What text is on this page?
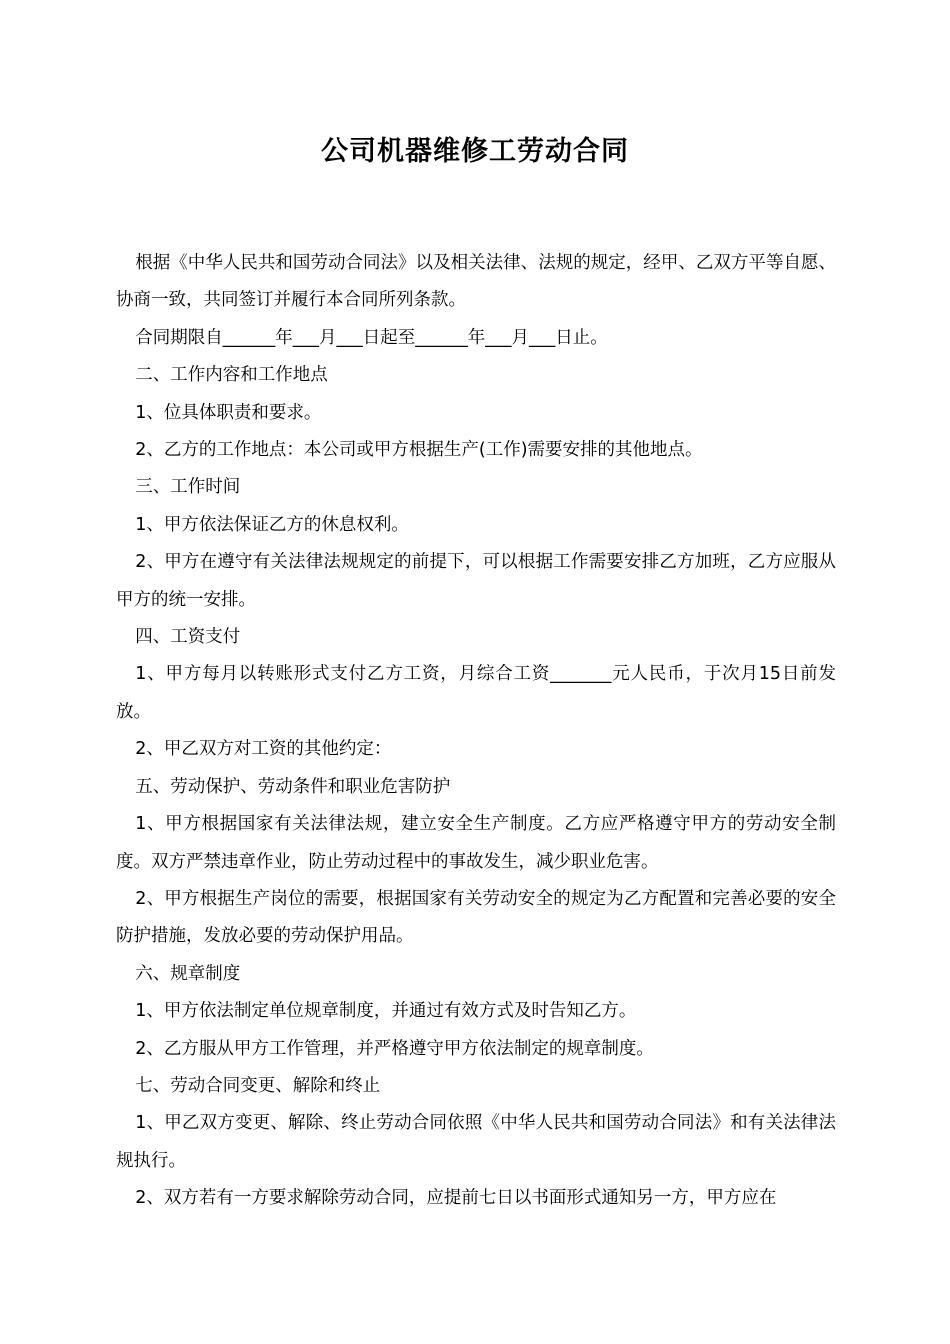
公司机器维修工劳动合同

根据《中华人民共和国劳动合同法》以及相关法律、法规的规定，经甲、乙双方平等自愿、协商一致，共同签订并履行本合同所列条款。

合同期限自______年___月___日起至______年___月___日止。

二、工作内容和工作地点

1、位具体职责和要求。

2、乙方的工作地点：本公司或甲方根据生产(工作)需要安排的其他地点。

三、工作时间

1、甲方依法保证乙方的休息权利。

2、甲方在遵守有关法律法规规定的前提下，可以根据工作需要安排乙方加班，乙方应服从甲方的统一安排。

四、工资支付

1、甲方每月以转账形式支付乙方工资，月综合工资_______元人民币，于次月15日前发放。

2、甲乙双方对工资的其他约定：

五、劳动保护、劳动条件和职业危害防护

1、甲方根据国家有关法律法规，建立安全生产制度。乙方应严格遵守甲方的劳动安全制度。双方严禁违章作业，防止劳动过程中的事故发生，减少职业危害。

2、甲方根据生产岗位的需要，根据国家有关劳动安全的规定为乙方配置和完善必要的安全防护措施，发放必要的劳动保护用品。

六、规章制度

1、甲方依法制定单位规章制度，并通过有效方式及时告知乙方。

2、乙方服从甲方工作管理，并严格遵守甲方依法制定的规章制度。

七、劳动合同变更、解除和终止

1、甲乙双方变更、解除、终止劳动合同依照《中华人民共和国劳动合同法》和有关法律法规执行。

2、双方若有一方要求解除劳动合同，应提前七日以书面形式通知另一方，甲方应在
